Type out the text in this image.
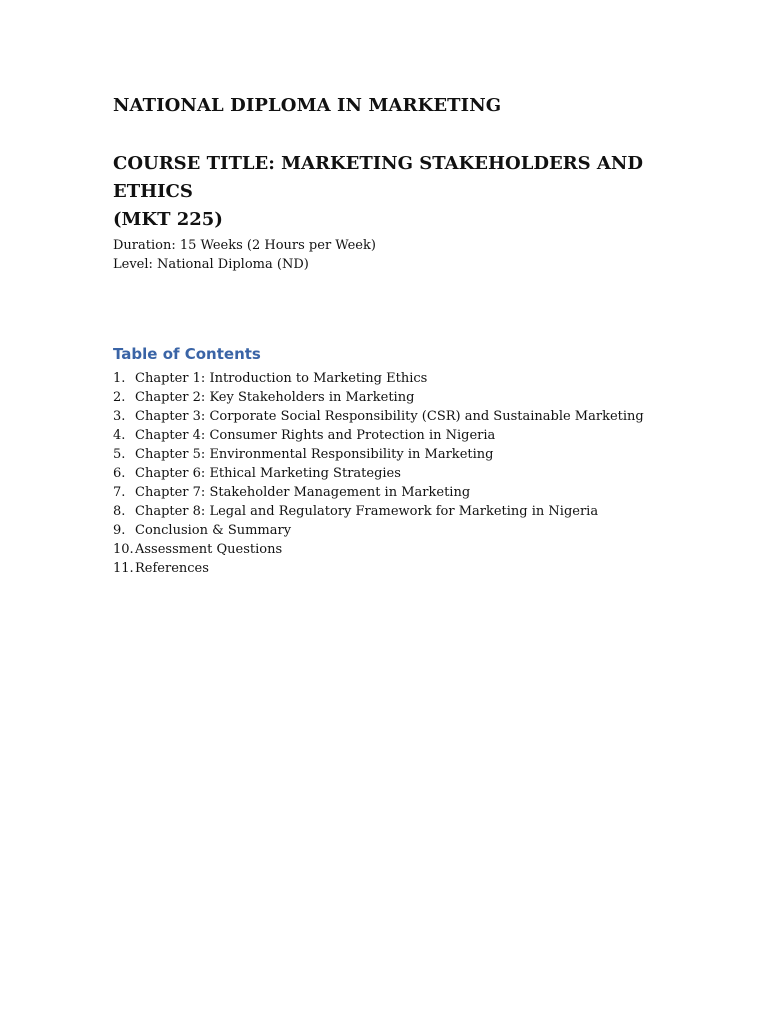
NATIONAL DIPLOMA IN MARKETING
COURSE TITLE: MARKETING STAKEHOLDERS AND ETHICS
(MKT 225)
Duration: 15 Weeks (2 Hours per Week)
Level: National Diploma (ND)
Table of Contents
1. Chapter 1: Introduction to Marketing Ethics
2. Chapter 2: Key Stakeholders in Marketing
3. Chapter 3: Corporate Social Responsibility (CSR) and Sustainable Marketing
4. Chapter 4: Consumer Rights and Protection in Nigeria
5. Chapter 5: Environmental Responsibility in Marketing
6. Chapter 6: Ethical Marketing Strategies
7. Chapter 7: Stakeholder Management in Marketing
8. Chapter 8: Legal and Regulatory Framework for Marketing in Nigeria
9. Conclusion & Summary
10. Assessment Questions
11. References
